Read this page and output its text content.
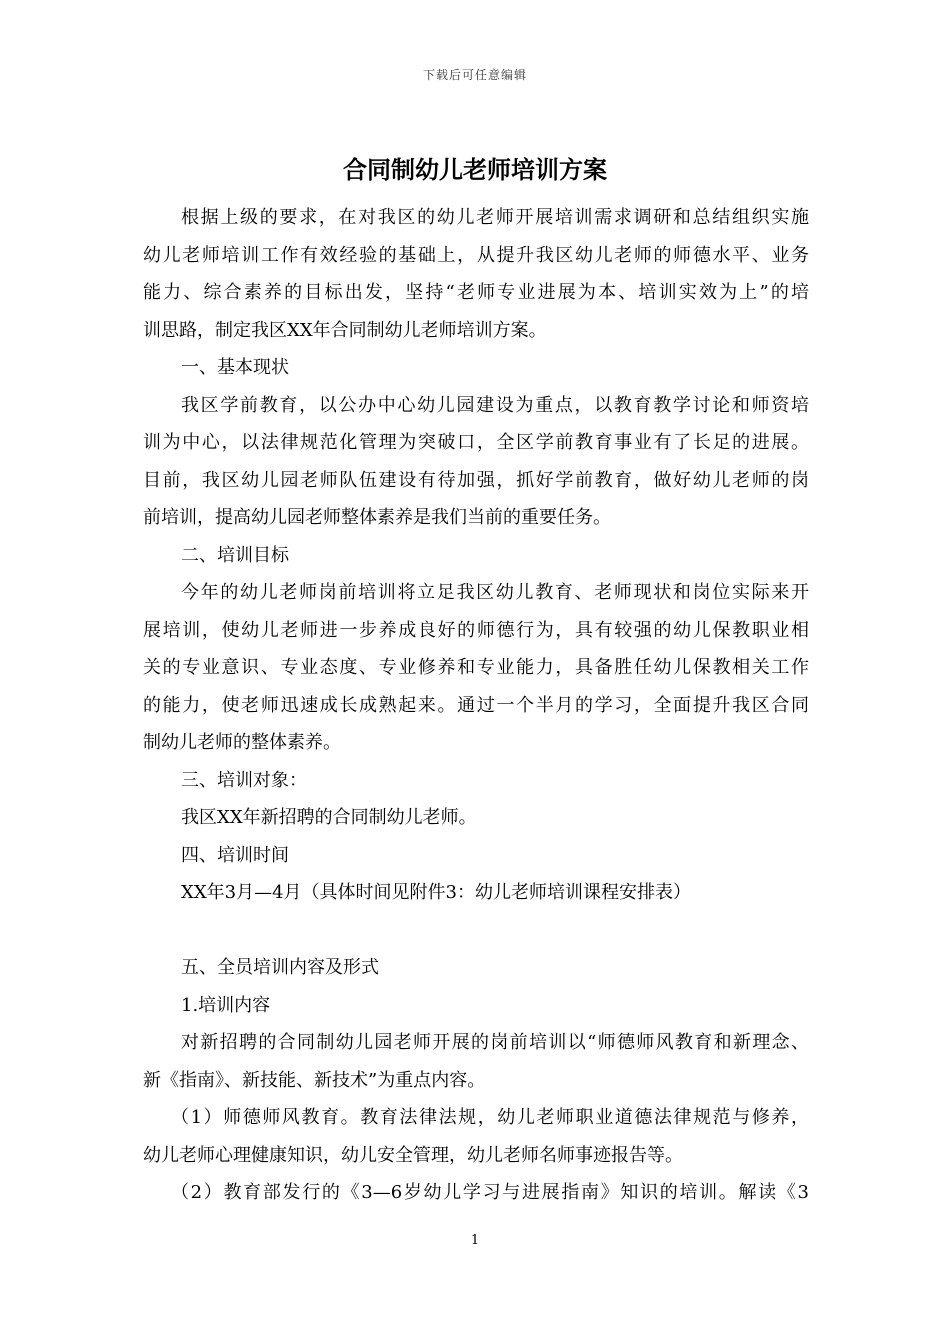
下载后可任意编辑
合同制幼儿老师培训方案
根据上级的要求，在对我区的幼儿老师开展培训需求调研和总结组织实施
幼儿老师培训工作有效经验的基础上，从提升我区幼儿老师的师德水平、业务
能力、综合素养的目标出发，坚持“老师专业进展为本、培训实效为上”的培
训思路，制定我区XX年合同制幼儿老师培训方案。
一、基本现状
我区学前教育，以公办中心幼儿园建设为重点，以教育教学讨论和师资培
训为中心，以法律规范化管理为突破口，全区学前教育事业有了长足的进展。
目前，我区幼儿园老师队伍建设有待加强，抓好学前教育，做好幼儿老师的岗
前培训，提高幼儿园老师整体素养是我们当前的重要任务。
二、培训目标
今年的幼儿老师岗前培训将立足我区幼儿教育、老师现状和岗位实际来开
展培训，使幼儿老师进一步养成良好的师德行为，具有较强的幼儿保教职业相
关的专业意识、专业态度、专业修养和专业能力，具备胜任幼儿保教相关工作
的能力，使老师迅速成长成熟起来。通过一个半月的学习，全面提升我区合同
制幼儿老师的整体素养。
三、培训对象：
我区XX年新招聘的合同制幼儿老师。
四、培训时间
XX年3月—4月（具体时间见附件3：幼儿老师培训课程安排表）
五、全员培训内容及形式
1.培训内容
对新招聘的合同制幼儿园老师开展的岗前培训以“师德师风教育和新理念、
新《指南》、新技能、新技术”为重点内容。
（1）师德师风教育。教育法律法规，幼儿老师职业道德法律规范与修养，
幼儿老师心理健康知识，幼儿安全管理，幼儿老师名师事迹报告等。
（2）教育部发行的《3—6岁幼儿学习与进展指南》知识的培训。解读《3
1
